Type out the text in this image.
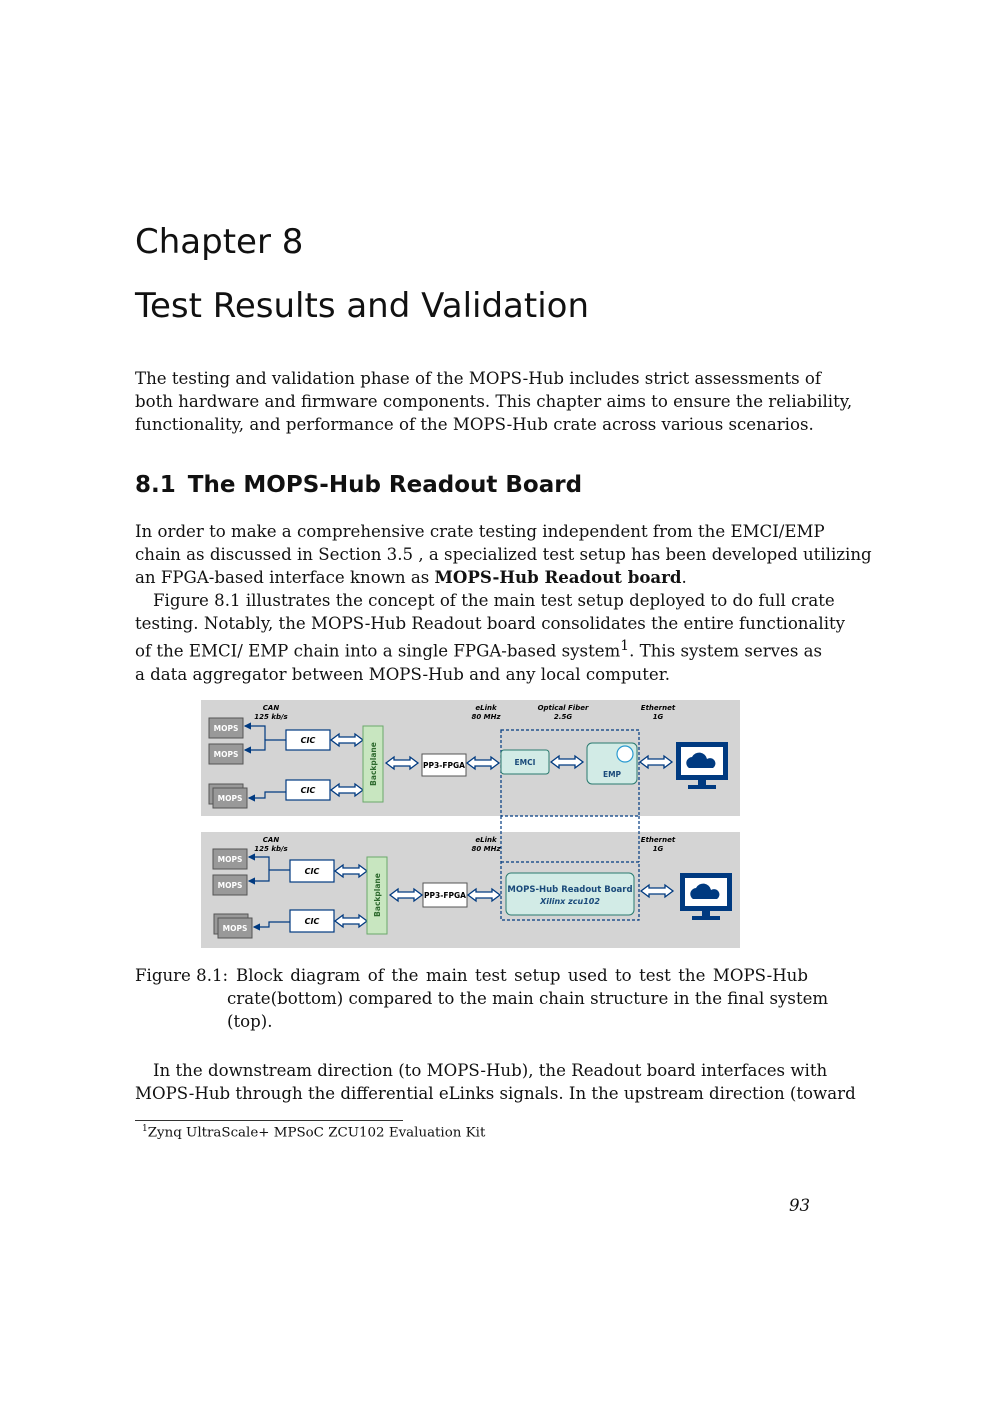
Chapter 8
Test Results and Validation

The testing and validation phase of the MOPS-Hub includes strict assessments of
both hardware and firmware components. This chapter aims to ensure the reliability,
functionality, and performance of the MOPS-Hub crate across various scenarios.

8.1 The MOPS-Hub Readout Board

In order to make a comprehensive crate testing independent from the EMCI/EMP
chain as discussed in Section 3.5 , a specialized test setup has been developed utilizing
an FPGA-based interface known as MOPS-Hub Readout board.

Figure 8.1 illustrates the concept of the main test setup deployed to do full crate
testing. Notably, the MOPS-Hub Readout board consolidates the entire functionality
of the EMCI/ EMP chain into a single FPGA-based system$^1$. This system serves as
a data aggregator between MOPS-Hub and any local computer.

CAN
125 kb/s
eLink
80 MHz
Optical Fiber
2.5G
Ethernet
1G
MOPS
MOPS
MOPS
CIC
CIC
Backplane	PP3-FPGA	EMCI
EMP
CAN
125 kb/s
eLink
80 MHz
Ethernet
1G
MOPS
MOPS
MOPS
CIC
CIC
Backplane	PP3-FPGA
MOPS-Hub Readout Board
Xilinx zcu102
Figure 8.1: Block diagram of the main test setup used to test the MOPS-Hub
crate(bottom) compared to the main chain structure in the final system
(top).

In the downstream direction (to MOPS-Hub), the Readout board interfaces with
MOPS-Hub through the differential eLinks signals. In the upstream direction (toward

$^1$Zynq UltraScale+ MPSoC ZCU102 Evaluation Kit
93
